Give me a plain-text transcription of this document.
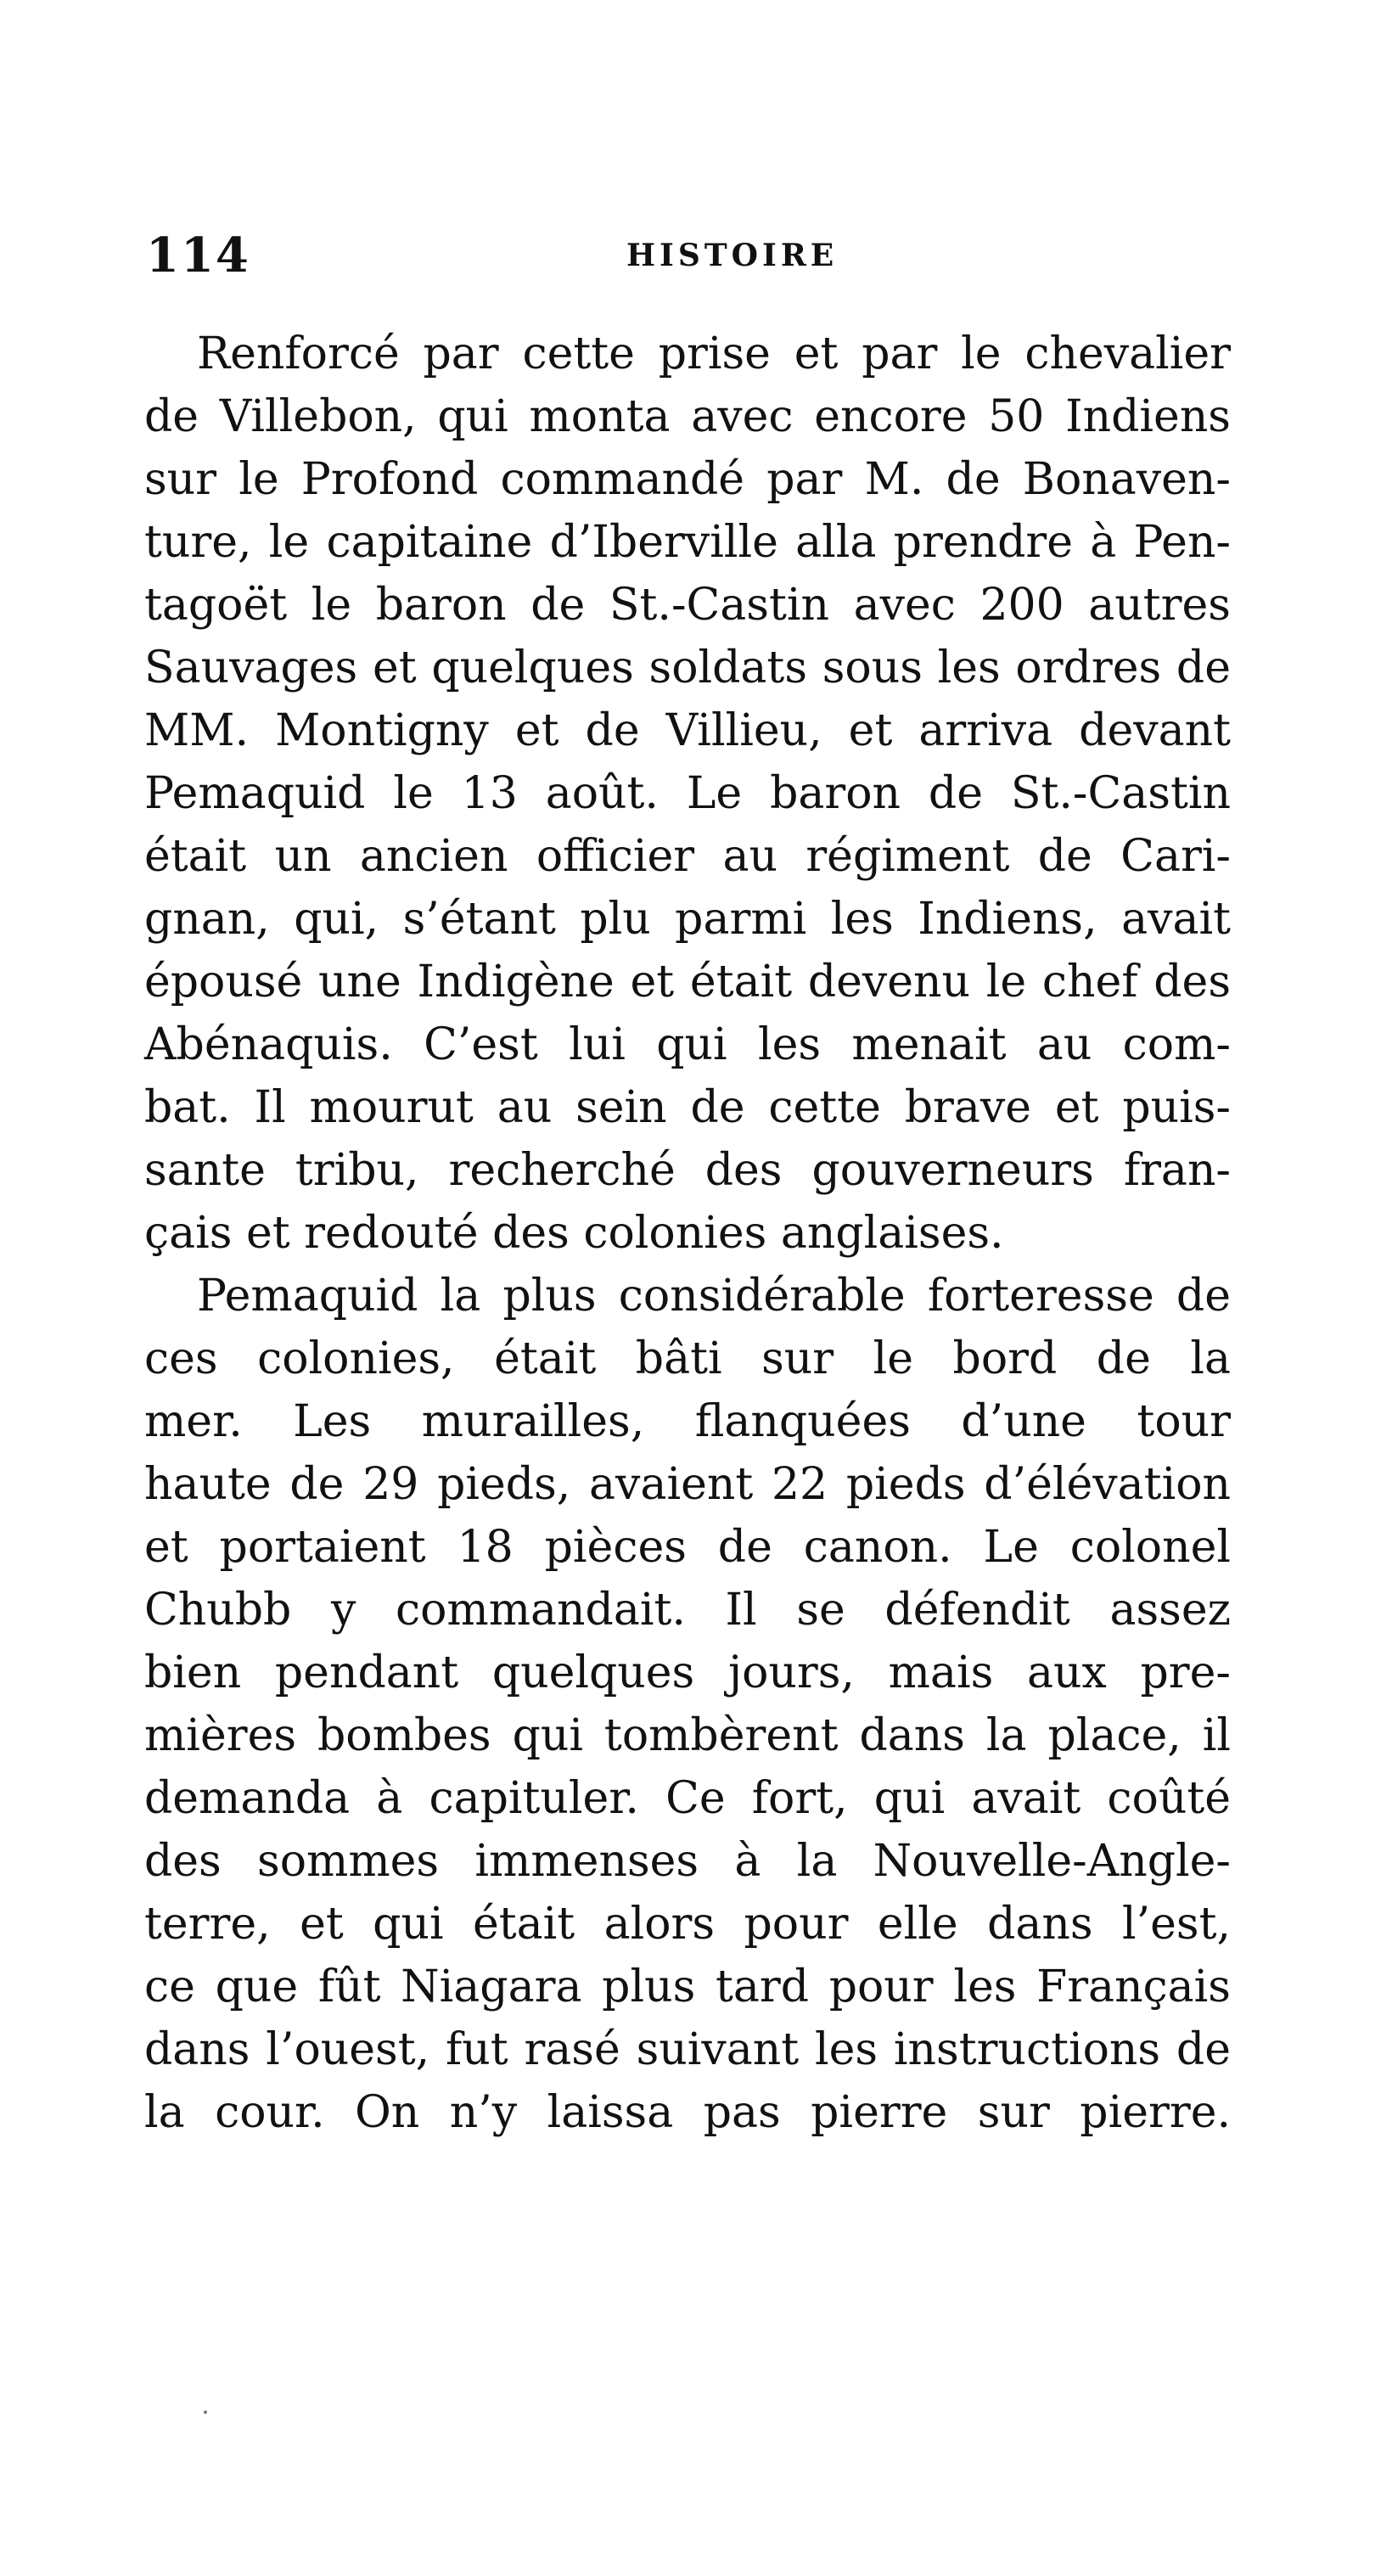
114	HISTOIRE
Renforcé par cette prise et par le chevalier
de Villebon, qui monta avec encore 50 Indiens
sur le Profond commandé par M. de Bonaven-
ture, le capitaine d’Iberville alla prendre à Pen-
tagoët le baron de St.-Castin avec 200 autres
Sauvages et quelques soldats sous les ordres de
MM. Montigny et de Villieu, et arriva devant
Pemaquid le 13 août. Le baron de St.-Castin
était un ancien officier au régiment de Cari-
gnan, qui, s’étant plu parmi les Indiens, avait
épousé une Indigène et était devenu le chef des
Abénaquis. C’est lui qui les menait au com-
bat. Il mourut au sein de cette brave et puis-
sante tribu, recherché des gouverneurs fran-
çais et redouté des colonies anglaises.
Pemaquid la plus considérable forteresse de
ces colonies, était bâti sur le bord de la
mer. Les murailles, flanquées d’une tour
haute de 29 pieds, avaient 22 pieds d’élévation
et portaient 18 pièces de canon. Le colonel
Chubb y commandait. Il se défendit assez
bien pendant quelques jours, mais aux pre-
mières bombes qui tombèrent dans la place, il
demanda à capituler. Ce fort, qui avait coûté
des sommes immenses à la Nouvelle-Angle-
terre, et qui était alors pour elle dans l’est,
ce que fût Niagara plus tard pour les Français
dans l’ouest, fut rasé suivant les instructions de
la cour. On n’y laissa pas pierre sur pierre.
